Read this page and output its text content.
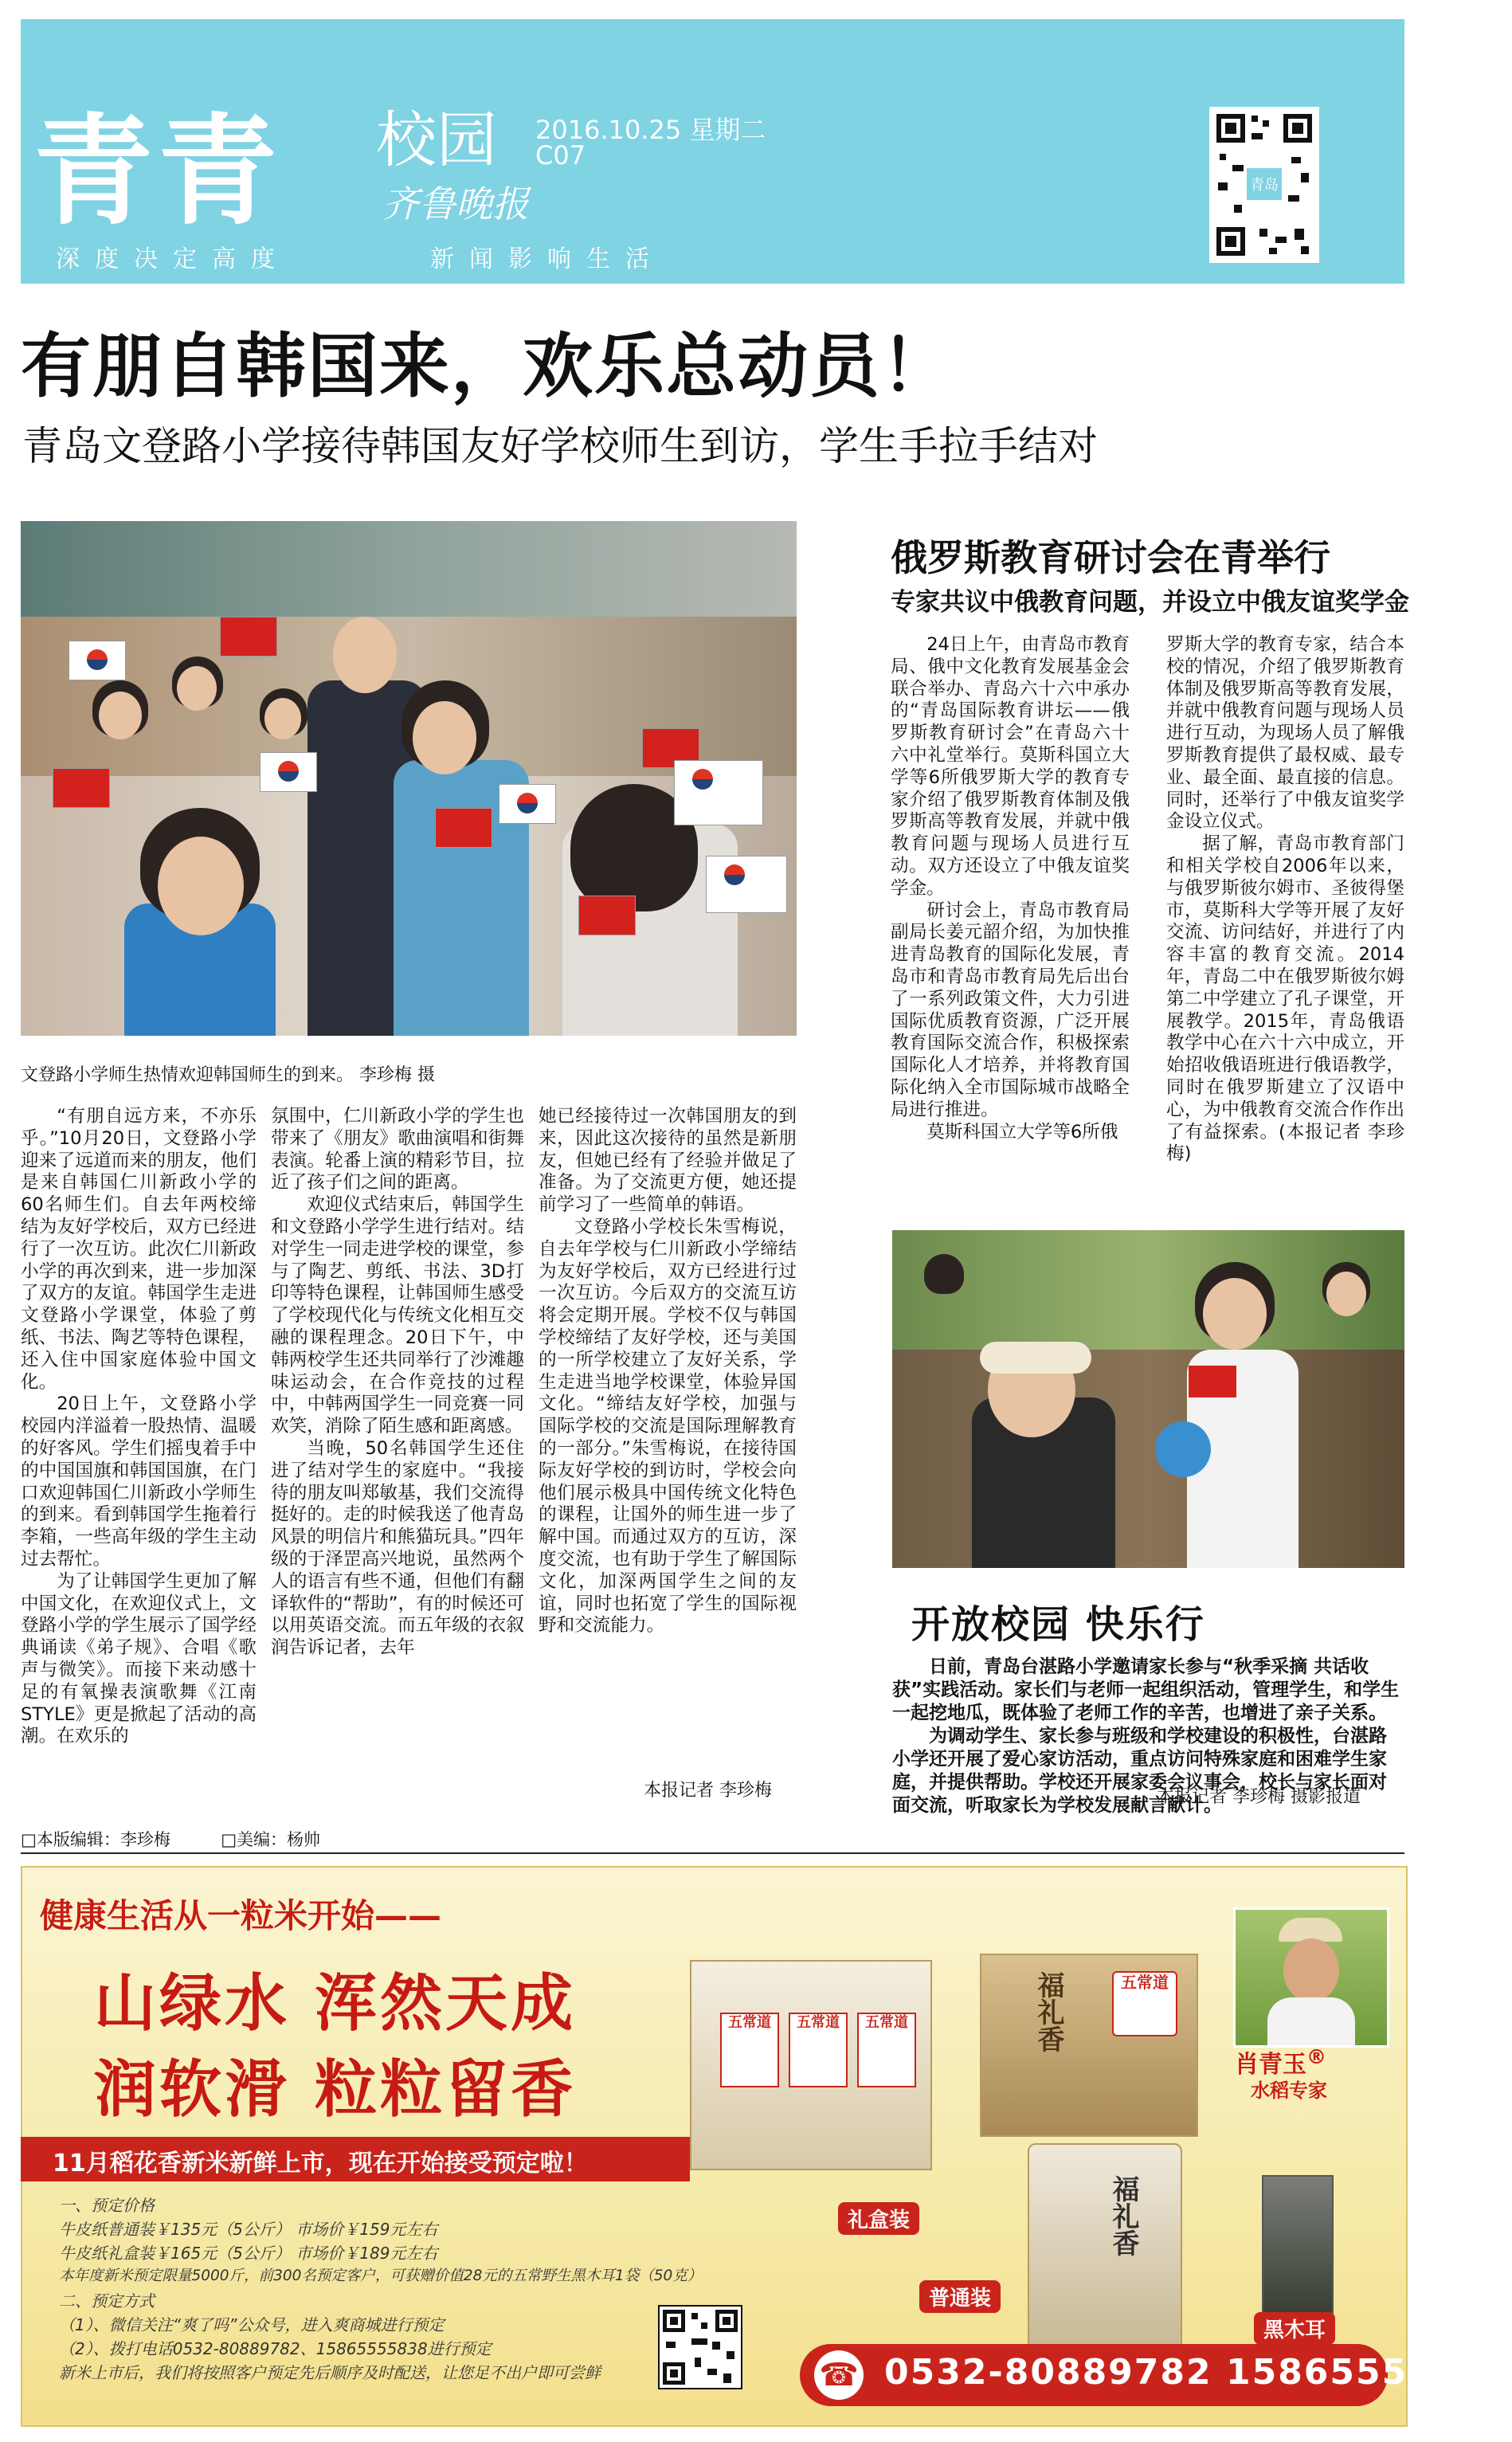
青青 校园
齐鲁晚报
2016.10.25 星期二
C07
深度决定高度	新闻影响生活
青岛
有朋自韩国来，欢乐总动员！
青岛文登路小学接待韩国友好学校师生到访，学生手拉手结对
文登路小学师生热情欢迎韩国师生的到来。 李珍梅 摄

“有朋自远方来，不亦乐乎。”10月20日，文登路小学迎来了远道而来的朋友，他们是来自韩国仁川新政小学的60名师生们。自去年两校缔结为友好学校后，双方已经进行了一次互访。此次仁川新政小学的再次到来，进一步加深了双方的友谊。韩国学生走进文登路小学课堂，体验了剪纸、书法、陶艺等特色课程，还入住中国家庭体验中国文化。

20日上午，文登路小学校园内洋溢着一股热情、温暖的好客风。学生们摇曳着手中的中国国旗和韩国国旗，在门口欢迎韩国仁川新政小学师生的到来。看到韩国学生拖着行李箱，一些高年级的学生主动过去帮忙。

为了让韩国学生更加了解中国文化，在欢迎仪式上，文登路小学的学生展示了国学经典诵读《弟子规》、合唱《歌声与微笑》。而接下来动感十足的有氧操表演歌舞《江南STYLE》更是掀起了活动的高潮。在欢乐的

氛围中，仁川新政小学的学生也带来了《朋友》歌曲演唱和街舞表演。轮番上演的精彩节目，拉近了孩子们之间的距离。

欢迎仪式结束后，韩国学生和文登路小学学生进行结对。结对学生一同走进学校的课堂，参与了陶艺、剪纸、书法、3D打印等特色课程，让韩国师生感受了学校现代化与传统文化相互交融的课程理念。20日下午，中韩两校学生还共同举行了沙滩趣味运动会，在合作竞技的过程中，中韩两国学生一同竞赛一同欢笑，消除了陌生感和距离感。

当晚，50名韩国学生还住进了结对学生的家庭中。“我接待的朋友叫郑敏基，我们交流得挺好的。走的时候我送了他青岛风景的明信片和熊猫玩具。”四年级的于泽罡高兴地说，虽然两个人的语言有些不通，但他们有翻译软件的“帮助”，有的时候还可以用英语交流。而五年级的衣叙润告诉记者，去年

她已经接待过一次韩国朋友的到来，因此这次接待的虽然是新朋友，但她已经有了经验并做足了准备。为了交流更方便，她还提前学习了一些简单的韩语。

文登路小学校长朱雪梅说，自去年学校与仁川新政小学缔结为友好学校后，双方已经进行过一次互访。今后双方的交流互访将会定期开展。学校不仅与韩国学校缔结了友好学校，还与美国的一所学校建立了友好关系，学生走进当地学校课堂，体验异国文化。“缔结友好学校，加强与国际学校的交流是国际理解教育的一部分。”朱雪梅说，在接待国际友好学校的到访时，学校会向他们展示极具中国传统文化特色的课程，让国外的师生进一步了解中国。而通过双方的互访，深度交流，也有助于学生了解国际文化，加深两国学生之间的友谊，同时也拓宽了学生的国际视野和交流能力。

本报记者 李珍梅
俄罗斯教育研讨会在青举行
专家共议中俄教育问题，并设立中俄友谊奖学金

24日上午，由青岛市教育局、俄中文化教育发展基金会联合举办、青岛六十六中承办的“青岛国际教育讲坛——俄罗斯教育研讨会”在青岛六十六中礼堂举行。莫斯科国立大学等6所俄罗斯大学的教育专家介绍了俄罗斯教育体制及俄罗斯高等教育发展，并就中俄教育问题与现场人员进行互动。双方还设立了中俄友谊奖学金。

研讨会上，青岛市教育局副局长姜元韶介绍，为加快推进青岛教育的国际化发展，青岛市和青岛市教育局先后出台了一系列政策文件，大力引进国际优质教育资源，广泛开展教育国际交流合作，积极探索国际化人才培养，并将教育国际化纳入全市国际城市战略全局进行推进。

莫斯科国立大学等6所俄

罗斯大学的教育专家，结合本校的情况，介绍了俄罗斯教育体制及俄罗斯高等教育发展，并就中俄教育问题与现场人员进行互动，为现场人员了解俄罗斯教育提供了最权威、最专业、最全面、最直接的信息。同时，还举行了中俄友谊奖学金设立仪式。

据了解，青岛市教育部门和相关学校自2006年以来，与俄罗斯彼尔姆市、圣彼得堡市，莫斯科大学等开展了友好交流、访问结好，并进行了内容丰富的教育交流。2014年，青岛二中在俄罗斯彼尔姆第二中学建立了孔子课堂，开展教学。2015年，青岛俄语教学中心在六十六中成立，开始招收俄语班进行俄语教学，同时在俄罗斯建立了汉语中心，为中俄教育交流合作作出了有益探索。(本报记者 李珍梅)

开放校园 快乐行

日前，青岛台湛路小学邀请家长参与“秋季采摘 共话收获”实践活动。家长们与老师一起组织活动，管理学生，和学生一起挖地瓜，既体验了老师工作的辛苦，也增进了亲子关系。

为调动学生、家长参与班级和学校建设的积极性，台湛路小学还开展了爱心家访活动，重点访问特殊家庭和困难学生家庭，并提供帮助。学校还开展家委会议事会，校长与家长面对面交流，听取家长为学校发展献言献计。

本报记者 李珍梅 摄影报道
□本版编辑：李珍梅	□美编：杨帅
健康生活从一粒米开始——
山绿水 浑然天成
润软滑 粒粒留香
11月稻花香新米新鲜上市，现在开始接受预定啦！
一、预定价格
牛皮纸普通装￥135元（5公斤） 市场价￥159元左右
牛皮纸礼盒装￥165元（5公斤） 市场价￥189元左右
本年度新米预定限量5000斤，前300名预定客户，可获赠价值28元的五常野生黑木耳1袋（50克）
二、预定方式
（1）、微信关注“爽了吗”公众号，进入爽商城进行预定
（2）、拨打电话0532-80889782、15865555838进行预定
新米上市后，我们将按照客户预定先后顺序及时配送，让您足不出户即可尝鲜
五常道	五常道	五常道	福礼香	五常道
礼盒装	福礼香
普通装
黑木耳
肖青玉®
水稻专家
☎ 0532-80889782 15865555838
